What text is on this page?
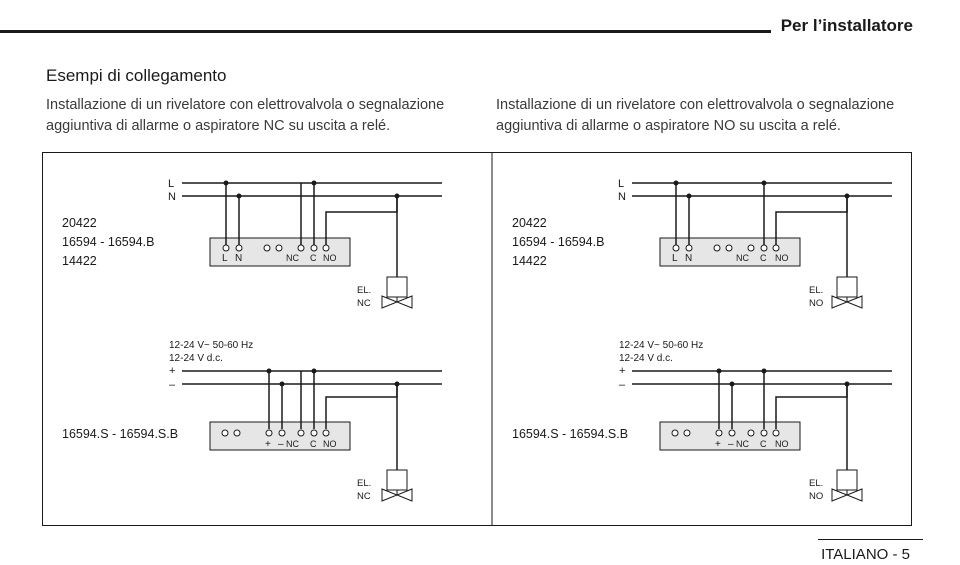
Per l’installatore
Esempi di collegamento
Installazione di un rivelatore con elettrovalvola o segnalazione
aggiuntiva di allarme o aspiratore NC su uscita a relé.
Installazione di un rivelatore con elettrovalvola o segnalazione
aggiuntiva di allarme o aspiratore NO su uscita a relé.
L
N
20422
16594 - 16594.B
14422	L N	NC C NO
EL.
NC
12-24 V~ 50-60 Hz
12-24 V d.c.
+
–
16594.S - 16594.S.B
+ – NC C NO
EL.
NC
L
N
20422
16594 - 16594.B
14422	L N	NC C NO
EL.
NO
12-24 V~ 50-60 Hz
12-24 V d.c.
+
–
16594.S - 16594.S.B
+ – NC C NO
EL.
NO
ITALIANO - 5
